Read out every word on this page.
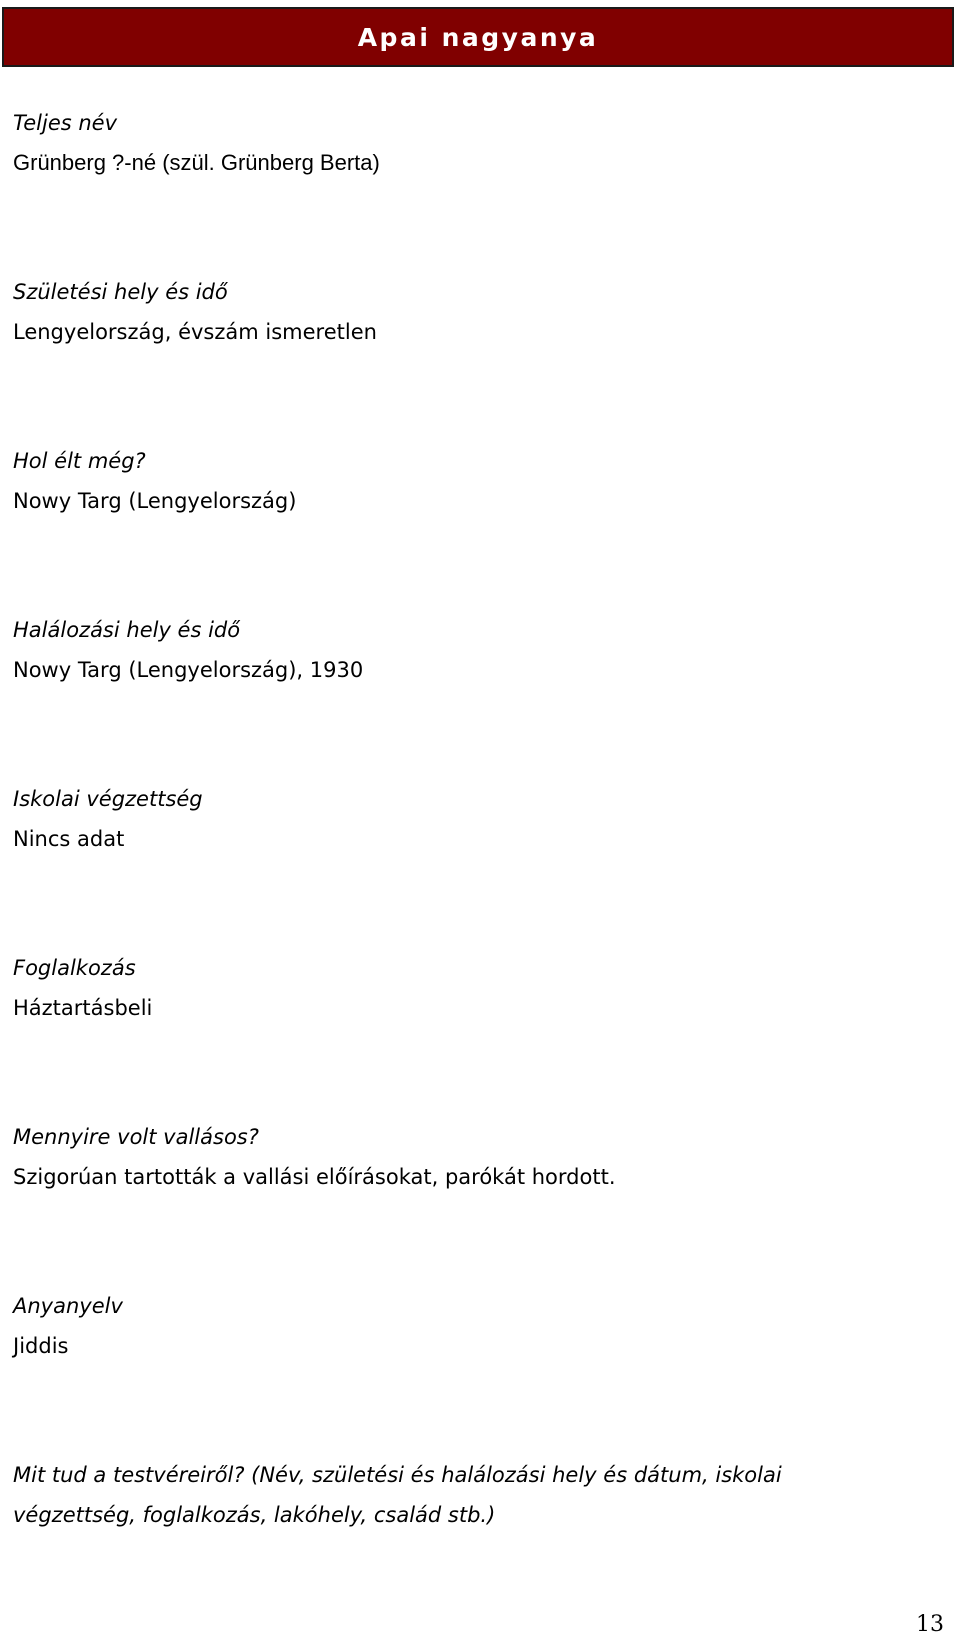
Apai nagyanya
Teljes név
Grünberg ?-né (szül. Grünberg Berta)
Születési hely és idő
Lengyelország, évszám ismeretlen
Hol élt még?
Nowy Targ (Lengyelország)
Halálozási hely és idő
Nowy Targ (Lengyelország), 1930
Iskolai végzettség
Nincs adat
Foglalkozás
Háztartásbeli
Mennyire volt vallásos?
Szigorúan tartották a vallási előírásokat, parókát hordott.
Anyanyelv
Jiddis
Mit tud a testvéreiről? (Név, születési és halálozási hely és dátum, iskolai
végzettség, foglalkozás, lakóhely, család stb.)
13
